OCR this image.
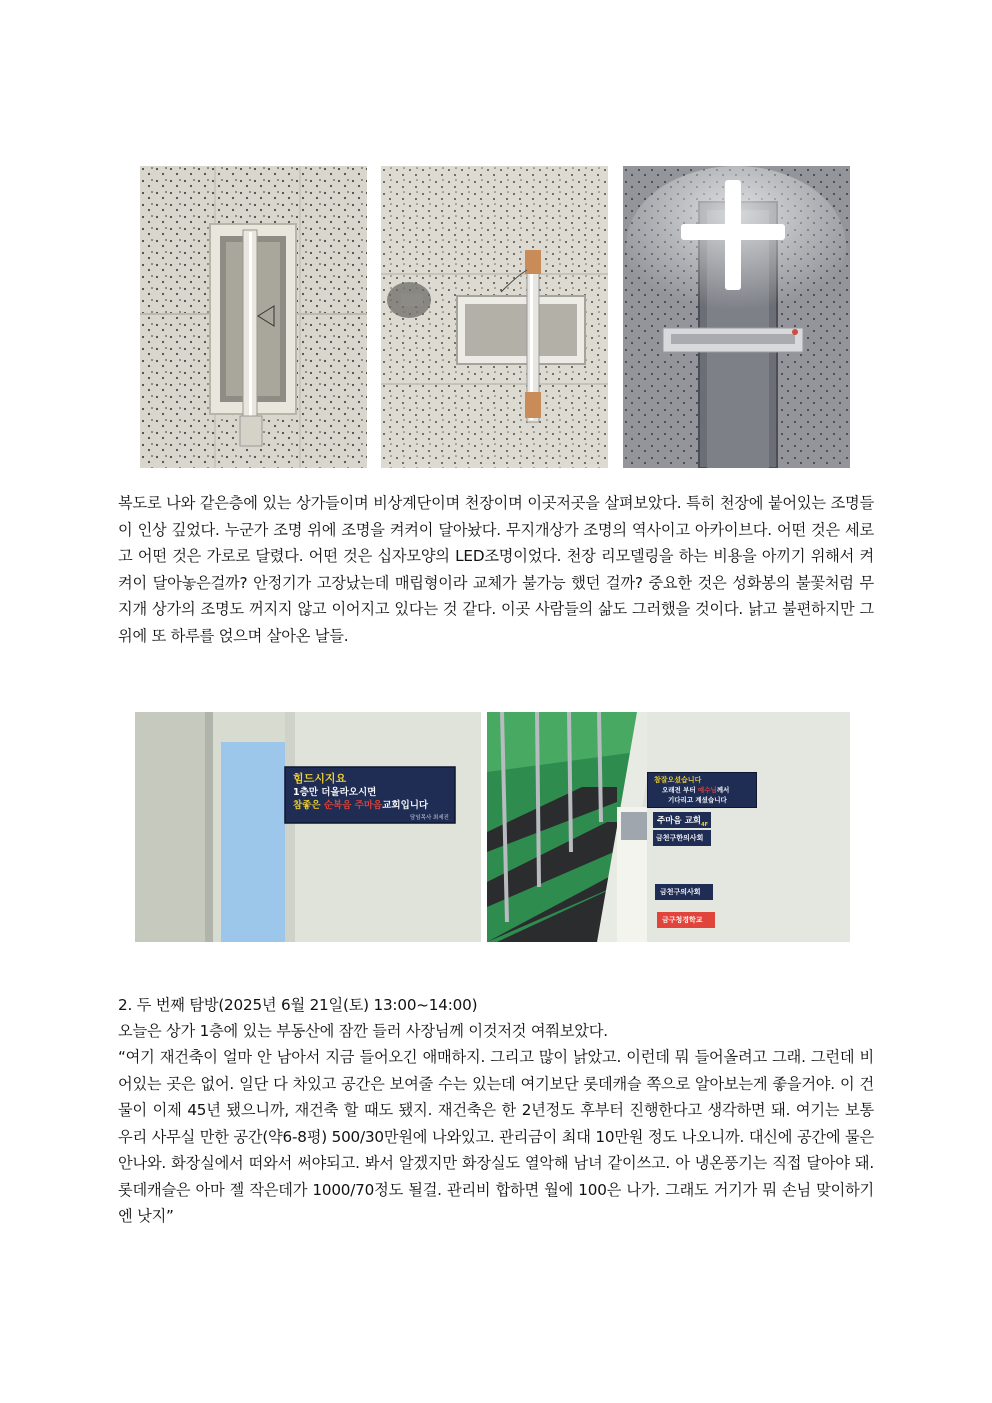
복도로 나와 같은층에 있는 상가들이며 비상계단이며 천장이며 이곳저곳을 살펴보았다. 특히 천장에 붙어있는 조명들이 인상 깊었다. 누군가 조명 위에 조명을 켜켜이 달아놨다. 무지개상가 조명의 역사이고 아카이브다. 어떤 것은 세로고 어떤 것은 가로로 달렸다. 어떤 것은 십자모양의 LED조명이었다. 천장 리모델링을 하는 비용을 아끼기 위해서 켜켜이 달아놓은걸까? 안정기가 고장났는데 매립형이라 교체가 불가능 했던 걸까? 중요한 것은 성화봉의 불꽃처럼 무지개 상가의 조명도 꺼지지 않고 이어지고 있다는 것 같다. 이곳 사람들의 삶도 그러했을 것이다. 낡고 불편하지만 그 위에 또 하루를 얹으며 살아온 날들.

힘드시지요
1층만 더올라오시면
참좋은 순복음 주마음교회입니다
담임목사 최세진
참잘오셨습니다
오래전 부터 예수님께서
기다리고 계셨습니다
주마음 교회 4F
금천구한의사회
금천구의사회
금구청경학교

2. 두 번째 탐방(2025년 6월 21일(토) 13:00~14:00)

오늘은 상가 1층에 있는 부동산에 잠깐 들러 사장님께 이것저것 여쭤보았다.

“여기 재건축이 얼마 안 남아서 지금 들어오긴 애매하지. 그리고 많이 낡았고. 이런데 뭐 들어올려고 그래. 그런데 비어있는 곳은 없어. 일단 다 차있고 공간은 보여줄 수는 있는데 여기보단 롯데캐슬 쪽으로 알아보는게 좋을거야. 이 건물이 이제 45년 됐으니까, 재건축 할 때도 됐지. 재건축은 한 2년정도 후부터 진행한다고 생각하면 돼. 여기는 보통 우리 사무실 만한 공간(약6-8평) 500/30만원에 나와있고. 관리금이 최대 10만원 정도 나오니까. 대신에 공간에 물은 안나와. 화장실에서 떠와서 써야되고. 봐서 알겠지만 화장실도 열악해 남녀 같이쓰고. 아 냉온풍기는 직접 달아야 돼. 롯데캐슬은 아마 젤 작은데가 1000/70정도 될걸. 관리비 합하면 월에 100은 나가. 그래도 거기가 뭐 손님 맞이하기엔 낫지”
